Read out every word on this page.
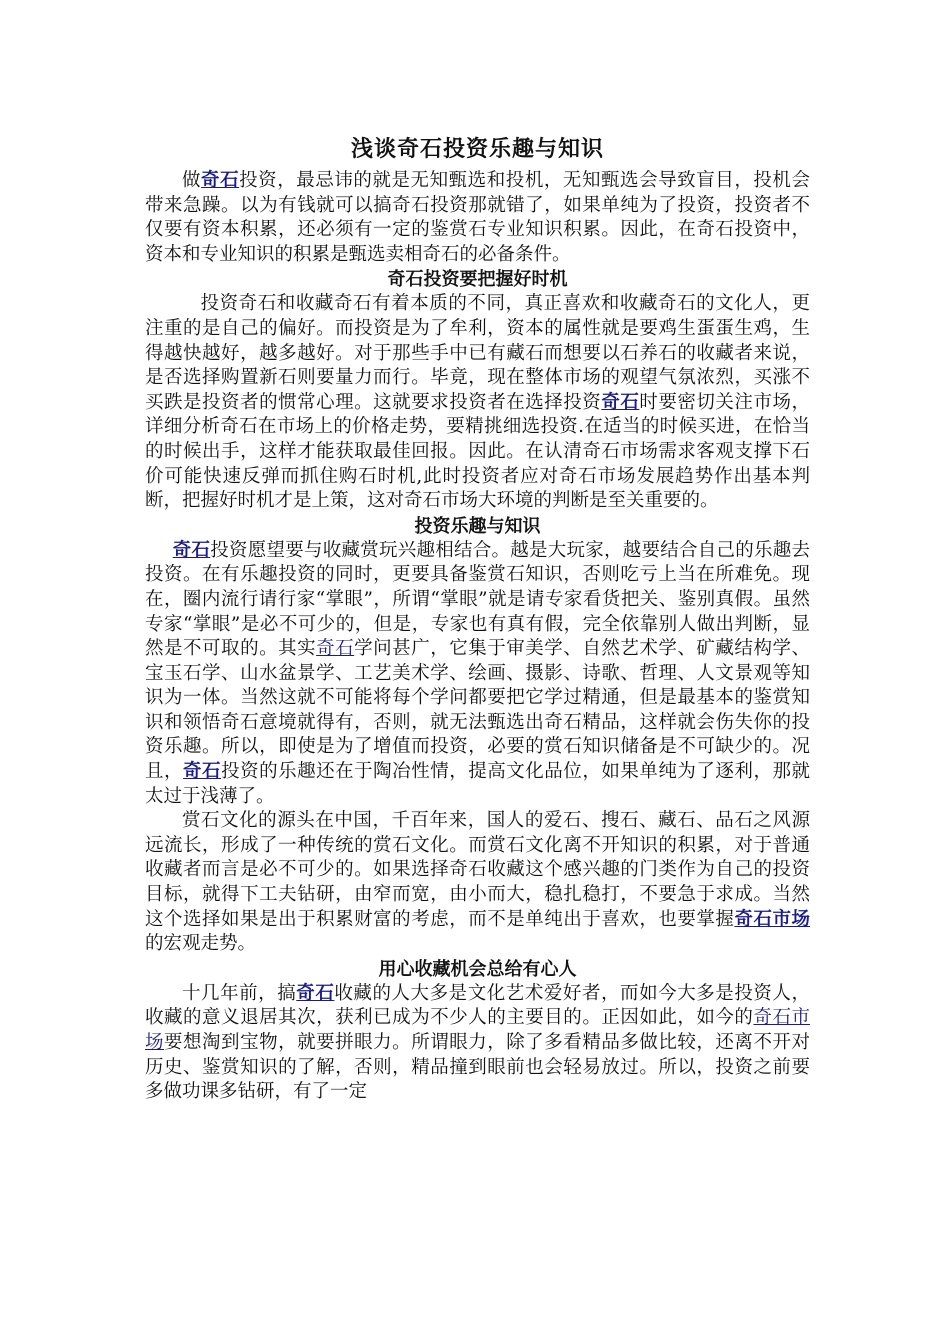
浅谈奇石投资乐趣与知识

做奇石投资，最忌讳的就是无知甄选和投机，无知甄选会导致盲目，投机会带来急躁。以为有钱就可以搞奇石投资那就错了，如果单纯为了投资，投资者不仅要有资本积累，还必须有一定的鉴赏石专业知识积累。因此，在奇石投资中，资本和专业知识的积累是甄选卖相奇石的必备条件。

奇石投资要把握好时机

投资奇石和收藏奇石有着本质的不同，真正喜欢和收藏奇石的文化人，更注重的是自己的偏好。而投资是为了牟利，资本的属性就是要鸡生蛋蛋生鸡，生得越快越好，越多越好。对于那些手中已有藏石而想要以石养石的收藏者来说，是否选择购置新石则要量力而行。毕竟，现在整体市场的观望气氛浓烈，买涨不买跌是投资者的惯常心理。这就要求投资者在选择投资奇石时要密切关注市场，详细分析奇石在市场上的价格走势，要精挑细选投资.在适当的时候买进，在恰当的时候出手，这样才能获取最佳回报。因此。在认清奇石市场需求客观支撑下石价可能快速反弹而抓住购石时机,此时投资者应对奇石市场发展趋势作出基本判断，把握好时机才是上策，这对奇石市场大环境的判断是至关重要的。

投资乐趣与知识

奇石投资愿望要与收藏赏玩兴趣相结合。越是大玩家，越要结合自己的乐趣去投资。在有乐趣投资的同时，更要具备鉴赏石知识，否则吃亏上当在所难免。现在，圈内流行请行家“掌眼”，所谓“掌眼”就是请专家看货把关、鉴别真假。虽然专家“掌眼”是必不可少的，但是，专家也有真有假，完全依靠别人做出判断，显然是不可取的。其实奇石学问甚广，它集于审美学、自然艺术学、矿藏结构学、宝玉石学、山水盆景学、工艺美术学、绘画、摄影、诗歌、哲理、人文景观等知识为一体。当然这就不可能将每个学问都要把它学过精通，但是最基本的鉴赏知识和领悟奇石意境就得有，否则，就无法甄选出奇石精品，这样就会伤失你的投资乐趣。所以，即使是为了增值而投资，必要的赏石知识储备是不可缺少的。况且，奇石投资的乐趣还在于陶冶性情，提高文化品位，如果单纯为了逐利，那就太过于浅薄了。

赏石文化的源头在中国，千百年来，国人的爱石、搜石、藏石、品石之风源远流长，形成了一种传统的赏石文化。而赏石文化离不开知识的积累，对于普通收藏者而言是必不可少的。如果选择奇石收藏这个感兴趣的门类作为自己的投资目标，就得下工夫钻研，由窄而宽，由小而大，稳扎稳打，不要急于求成。当然这个选择如果是出于积累财富的考虑，而不是单纯出于喜欢，也要掌握奇石市场的宏观走势。

用心收藏机会总给有心人

十几年前，搞奇石收藏的人大多是文化艺术爱好者，而如今大多是投资人，收藏的意义退居其次，获利已成为不少人的主要目的。正因如此，如今的奇石市场要想淘到宝物，就要拼眼力。所谓眼力，除了多看精品多做比较，还离不开对历史、鉴赏知识的了解，否则，精品撞到眼前也会轻易放过。所以，投资之前要多做功课多钻研，有了一定
